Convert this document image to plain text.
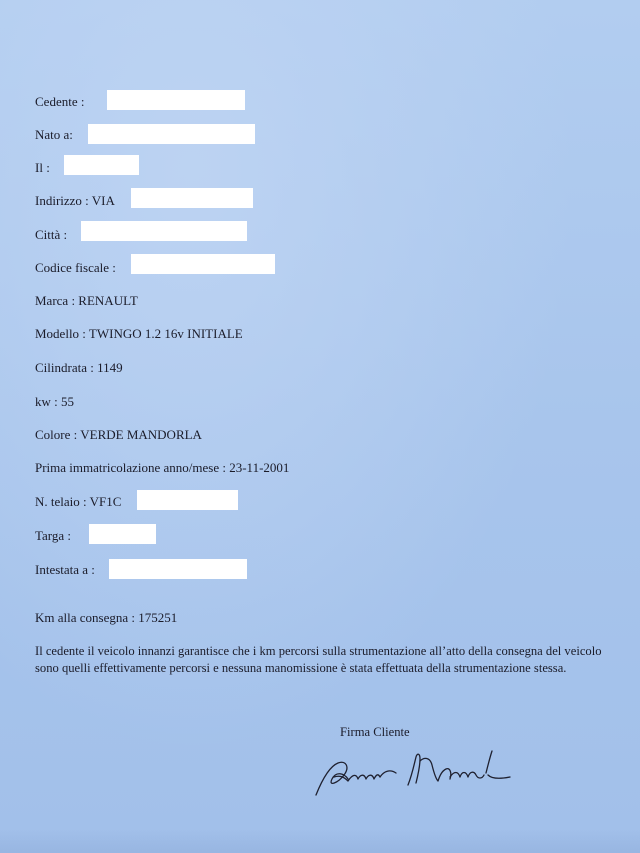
Cedente :
Nato a:
Il :
Indirizzo : VIA
Città :
Codice fiscale :
Marca : RENAULT
Modello : TWINGO 1.2 16v INITIALE
Cilindrata : 1149
kw : 55
Colore : VERDE MANDORLA
Prima immatricolazione anno/mese : 23-11-2001
N. telaio : VF1C
Targa :
Intestata a :
Km alla consegna : 175251
Il cedente il veicolo innanzi garantisce che i km percorsi sulla strumentazione all’atto della consegna del veicolo sono quelli effettivamente percorsi e nessuna manomissione è stata effettuata della strumentazione stessa.
Firma Cliente
